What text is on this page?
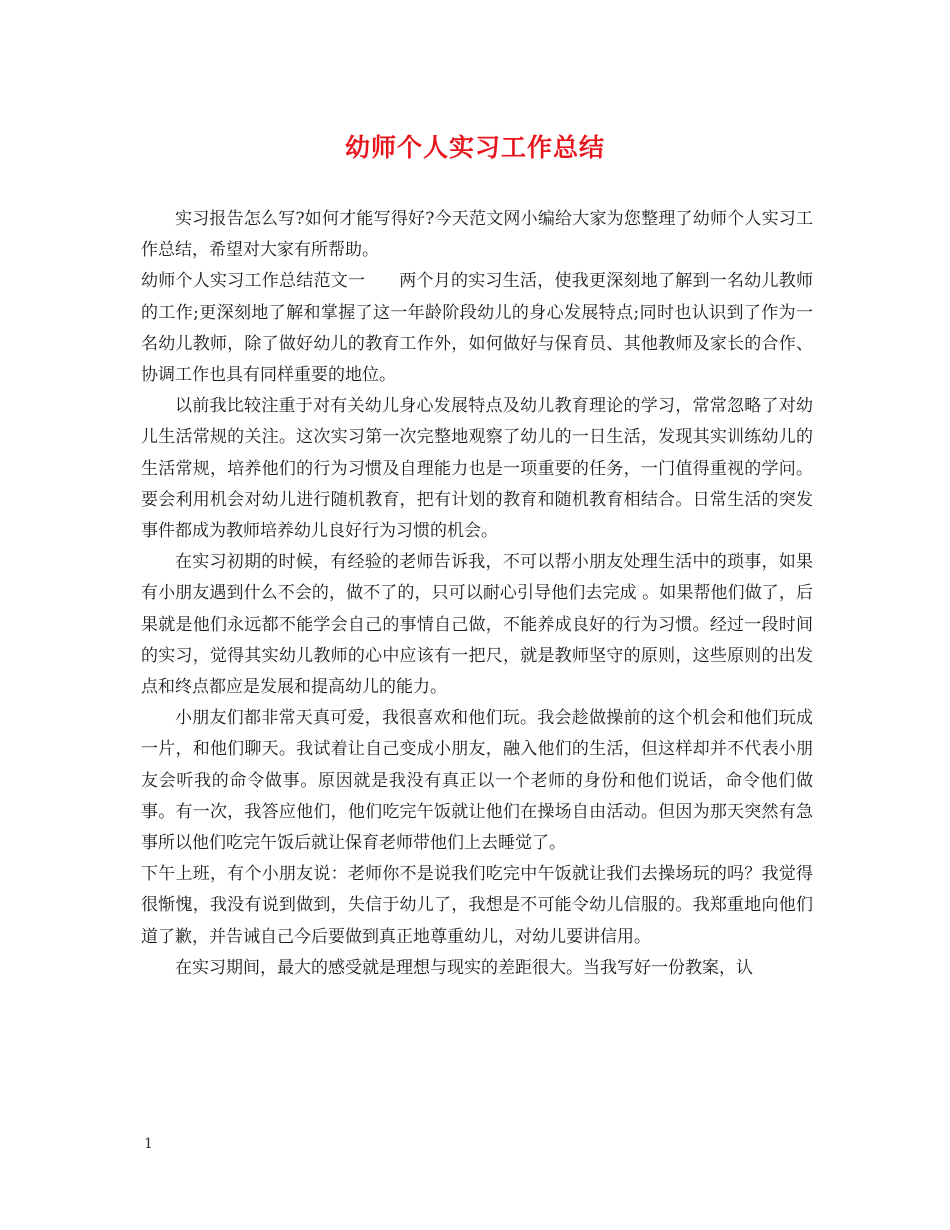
幼师个人实习工作总结

实习报告怎么写?如何才能写得好?今天范文网小编给大家为您整理了幼师个人实习工作总结，希望对大家有所帮助。

幼师个人实习工作总结范文一 两个月的实习生活，使我更深刻地了解到一名幼儿教师的工作;更深刻地了解和掌握了这一年龄阶段幼儿的身心发展特点;同时也认识到了作为一名幼儿教师，除了做好幼儿的教育工作外，如何做好与保育员、其他教师及家长的合作、协调工作也具有同样重要的地位。

以前我比较注重于对有关幼儿身心发展特点及幼儿教育理论的学习，常常忽略了对幼儿生活常规的关注。这次实习第一次完整地观察了幼儿的一日生活，发现其实训练幼儿的生活常规，培养他们的行为习惯及自理能力也是一项重要的任务，一门值得重视的学问。要会利用机会对幼儿进行随机教育，把有计划的教育和随机教育相结合。日常生活的突发事件都成为教师培养幼儿良好行为习惯的机会。

在实习初期的时候，有经验的老师告诉我，不可以帮小朋友处理生活中的琐事，如果有小朋友遇到什么不会的，做不了的，只可以耐心引导他们去完成 。如果帮他们做了，后果就是他们永远都不能学会自己的事情自己做，不能养成良好的行为习惯。经过一段时间的实习，觉得其实幼儿教师的心中应该有一把尺，就是教师坚守的原则，这些原则的出发点和终点都应是发展和提高幼儿的能力。

小朋友们都非常天真可爱，我很喜欢和他们玩。我会趁做操前的这个机会和他们玩成一片，和他们聊天。我试着让自己变成小朋友，融入他们的生活，但这样却并不代表小朋友会听我的命令做事。原因就是我没有真正以一个老师的身份和他们说话，命令他们做事。有一次，我答应他们，他们吃完午饭就让他们在操场自由活动。但因为那天突然有急事所以他们吃完午饭后就让保育老师带他们上去睡觉了。

下午上班，有个小朋友说：老师你不是说我们吃完中午饭就让我们去操场玩的吗？我觉得很惭愧，我没有说到做到，失信于幼儿了，我想是不可能令幼儿信服的。我郑重地向他们道了歉，并告诫自己今后要做到真正地尊重幼儿，对幼儿要讲信用。

在实习期间，最大的感受就是理想与现实的差距很大。当我写好一份教案，认

1
